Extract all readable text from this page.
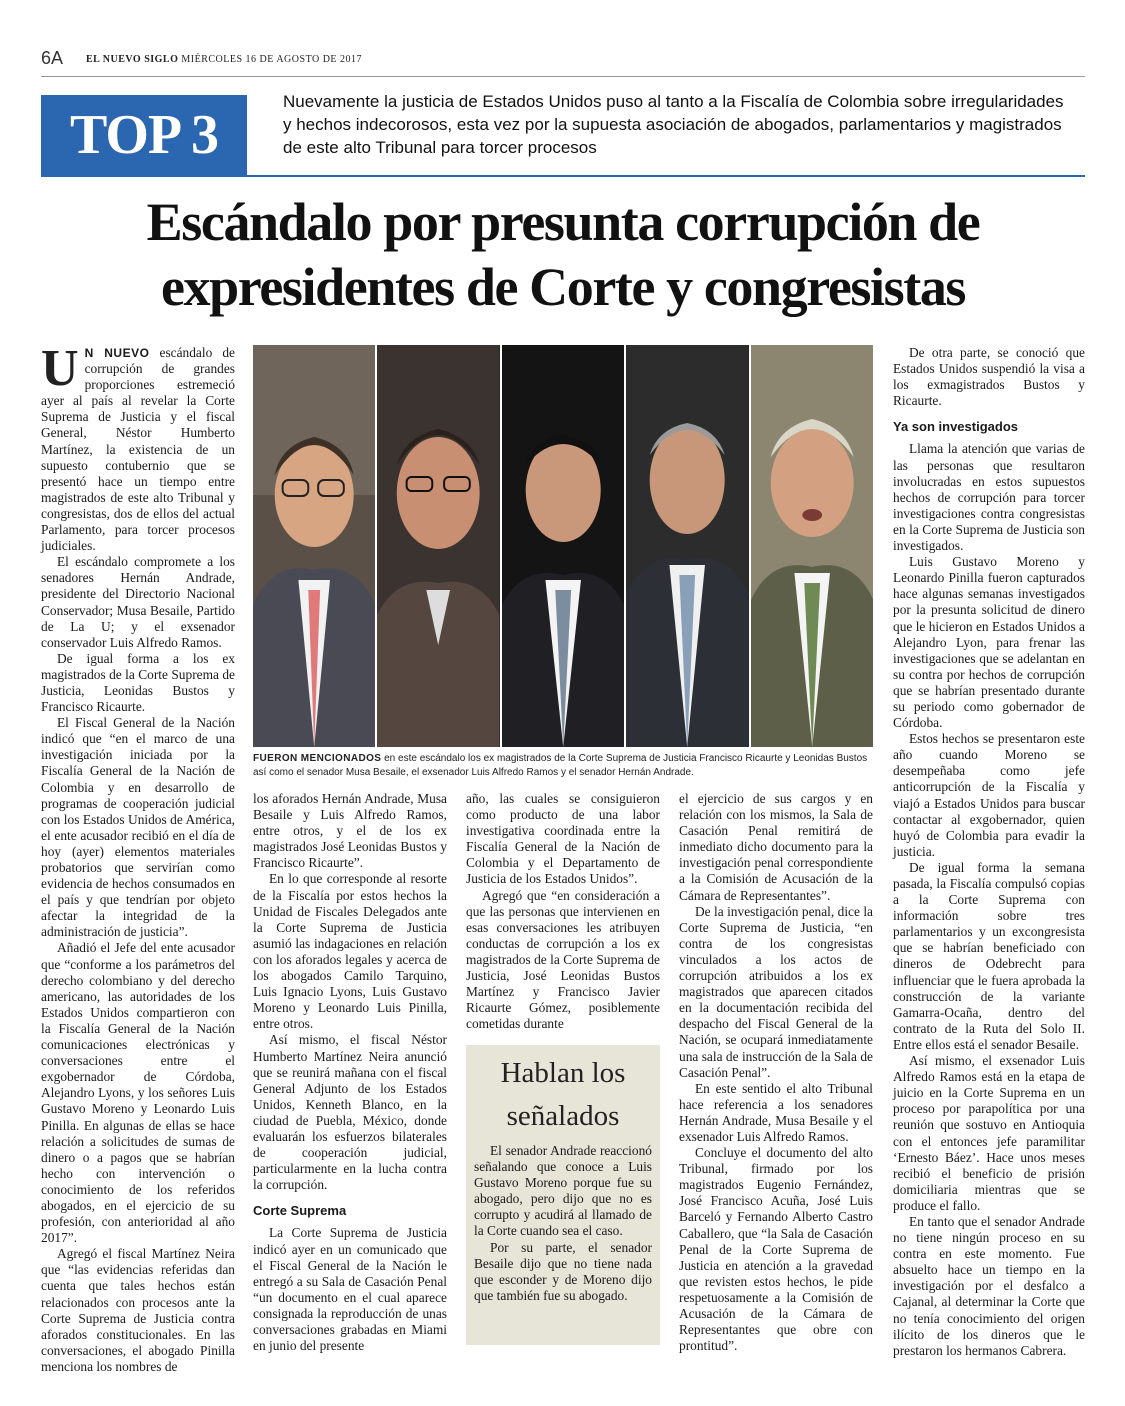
6A EL NUEVO SIGLO MIÉRCOLES 16 DE AGOSTO DE 2017
TOP 3
Nuevamente la justicia de Estados Unidos puso al tanto a la Fiscalía de Colombia sobre irregularidades y hechos indecorosos, esta vez por la supuesta asociación de abogados, parlamentarios y magistrados de este alto Tribunal para torcer procesos
Escándalo por presunta corrupción de
expresidentes de Corte y congresistas

U N NUEVO escándalo de corrupción de grandes proporciones estremeció ayer al país al revelar la Corte Suprema de Justicia y el fiscal General, Néstor Humberto Martínez, la existencia de un supuesto contubernio que se presentó hace un tiempo entre magistrados de este alto Tribunal y congresistas, dos de ellos del actual Parlamento, para torcer procesos judiciales.

El escándalo compromete a los senadores Hernán Andrade, presidente del Directorio Nacional Conservador; Musa Besaile, Partido de La U; y el exsenador conservador Luis Alfredo Ramos.

De igual forma a los ex magistrados de la Corte Suprema de Justicia, Leonidas Bustos y Francisco Ricaurte.

El Fiscal General de la Nación indicó que “en el marco de una investigación iniciada por la Fiscalía General de la Nación de Colombia y en desarrollo de programas de cooperación judicial con los Estados Unidos de América, el ente acusador recibió en el día de hoy (ayer) elementos materiales probatorios que servirían como evidencia de hechos consumados en el país y que tendrían por objeto afectar la integridad de la administración de justicia”.

Añadió el Jefe del ente acusador que “conforme a los parámetros del derecho colombiano y del derecho americano, las autoridades de los Estados Unidos compartieron con la Fiscalía General de la Nación comunicaciones electrónicas y conversaciones entre el exgobernador de Córdoba, Alejandro Lyons, y los señores Luis Gustavo Moreno y Leonardo Luis Pinilla. En algunas de ellas se hace relación a solicitudes de sumas de dinero o a pagos que se habrían hecho con intervención o conocimiento de los referidos abogados, en el ejercicio de su profesión, con anterioridad al año 2017”.

Agregó el fiscal Martínez Neira que “las evidencias referidas dan cuenta que tales hechos están relacionados con procesos ante la Corte Suprema de Justicia contra aforados constitucionales. En las conversaciones, el abogado Pinilla menciona los nombres de

FUERON MENCIONADOS en este escándalo los ex magistrados de la Corte Suprema de Justicia Francisco Ricaurte y Leonidas Bustos así como el senador Musa Besaile, el exsenador Luis Alfredo Ramos y el senador Hernán Andrade.

los aforados Hernán Andrade, Musa Besaile y Luis Alfredo Ramos, entre otros, y el de los ex magistrados José Leonidas Bustos y Francisco Ricaurte”.

En lo que corresponde al resorte de la Fiscalía por estos hechos la Unidad de Fiscales Delegados ante la Corte Suprema de Justicia asumió las indagaciones en relación con los aforados legales y acerca de los abogados Camilo Tarquino, Luis Ignacio Lyons, Luis Gustavo Moreno y Leonardo Luis Pinilla, entre otros.

Así mismo, el fiscal Néstor Humberto Martínez Neira anunció que se reunirá mañana con el fiscal General Adjunto de los Estados Unidos, Kenneth Blanco, en la ciudad de Puebla, México, donde evaluarán los esfuerzos bilaterales de cooperación judicial, particularmente en la lucha contra la corrupción.

Corte Suprema

La Corte Suprema de Justicia indicó ayer en un comunicado que el Fiscal General de la Nación le entregó a su Sala de Casación Penal “un documento en el cual aparece consignada la reproducción de unas conversaciones grabadas en Miami en junio del presente

año, las cuales se consiguieron como producto de una labor investigativa coordinada entre la Fiscalía General de la Nación de Colombia y el Departamento de Justicia de los Estados Unidos”.

Agregó que “en consideración a que las personas que intervienen en esas conversaciones les atribuyen conductas de corrupción a los ex magistrados de la Corte Suprema de Justicia, José Leonidas Bustos Martínez y Francisco Javier Ricaurte Gómez, posiblemente cometidas durante

Hablan los
señalados

El senador Andrade reaccionó señalando que conoce a Luis Gustavo Moreno porque fue su abogado, pero dijo que no es corrupto y acudirá al llamado de la Corte cuando sea el caso.

Por su parte, el senador Besaile dijo que no tiene nada que esconder y de Moreno dijo que también fue su abogado.

el ejercicio de sus cargos y en relación con los mismos, la Sala de Casación Penal remitirá de inmediato dicho documento para la investigación penal correspondiente a la Comisión de Acusación de la Cámara de Representantes”.

De la investigación penal, dice la Corte Suprema de Justicia, “en contra de los congresistas vinculados a los actos de corrupción atribuidos a los ex magistrados que aparecen citados en la documentación recibida del despacho del Fiscal General de la Nación, se ocupará inmediatamente una sala de instrucción de la Sala de Casación Penal”.

En este sentido el alto Tribunal hace referencia a los senadores Hernán Andrade, Musa Besaile y el exsenador Luis Alfredo Ramos.

Concluye el documento del alto Tribunal, firmado por los magistrados Eugenio Fernández, José Francisco Acuña, José Luis Barceló y Fernando Alberto Castro Caballero, que “la Sala de Casación Penal de la Corte Suprema de Justicia en atención a la gravedad que revisten estos hechos, le pide respetuosamente a la Comisión de Acusación de la Cámara de Representantes que obre con prontitud”.

De otra parte, se conoció que Estados Unidos suspendió la visa a los exmagistrados Bustos y Ricaurte.

Ya son investigados

Llama la atención que varias de las personas que resultaron involucradas en estos supuestos hechos de corrupción para torcer investigaciones contra congresistas en la Corte Suprema de Justicia son investigados.

Luis Gustavo Moreno y Leonardo Pinilla fueron capturados hace algunas semanas investigados por la presunta solicitud de dinero que le hicieron en Estados Unidos a Alejandro Lyon, para frenar las investigaciones que se adelantan en su contra por hechos de corrupción que se habrían presentado durante su periodo como gobernador de Córdoba.

Estos hechos se presentaron este año cuando Moreno se desempeñaba como jefe anticorrupción de la Fiscalía y viajó a Estados Unidos para buscar contactar al exgobernador, quien huyó de Colombia para evadir la justicia.

De igual forma la semana pasada, la Fiscalía compulsó copias a la Corte Suprema con información sobre tres parlamentarios y un excongresista que se habrían beneficiado con dineros de Odebrecht para influenciar que le fuera aprobada la construcción de la variante Gamarra-Ocaña, dentro del contrato de la Ruta del Solo II. Entre ellos está el senador Besaile.

Así mismo, el exsenador Luis Alfredo Ramos está en la etapa de juicio en la Corte Suprema en un proceso por parapolítica por una reunión que sostuvo en Antioquia con el entonces jefe paramilitar ‘Ernesto Báez’. Hace unos meses recibió el beneficio de prisión domiciliaria mientras que se produce el fallo.

En tanto que el senador Andrade no tiene ningún proceso en su contra en este momento. Fue absuelto hace un tiempo en la investigación por el desfalco a Cajanal, al determinar la Corte que no tenía conocimiento del origen ilícito de los dineros que le prestaron los hermanos Cabrera.
